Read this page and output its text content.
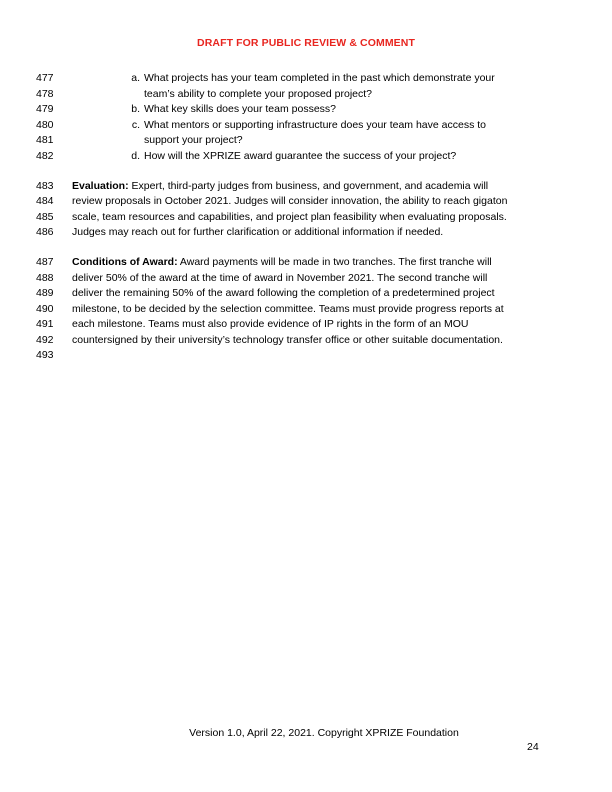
DRAFT FOR PUBLIC REVIEW & COMMENT
477
478
479
480
481
482
483
484
485
486
487
488
489
490
491
492
493
a. What projects has your team completed in the past which demonstrate your
team’s ability to complete your proposed project?
b. What key skills does your team possess?
c. What mentors or supporting infrastructure does your team have access to
support your project?
d. How will the XPRIZE award guarantee the success of your project?
Evaluation: Expert, third-party judges from business, and government, and academia will
review proposals in October 2021. Judges will consider innovation, the ability to reach gigaton
scale, team resources and capabilities, and project plan feasibility when evaluating proposals.
Judges may reach out for further clarification or additional information if needed.
Conditions of Award: Award payments will be made in two tranches. The first tranche will
deliver 50% of the award at the time of award in November 2021. The second tranche will
deliver the remaining 50% of the award following the completion of a predetermined project
milestone, to be decided by the selection committee. Teams must provide progress reports at
each milestone. Teams must also provide evidence of IP rights in the form of an MOU
countersigned by their university’s technology transfer office or other suitable documentation.
Version 1.0, April 22, 2021. Copyright XPRIZE Foundation
24
